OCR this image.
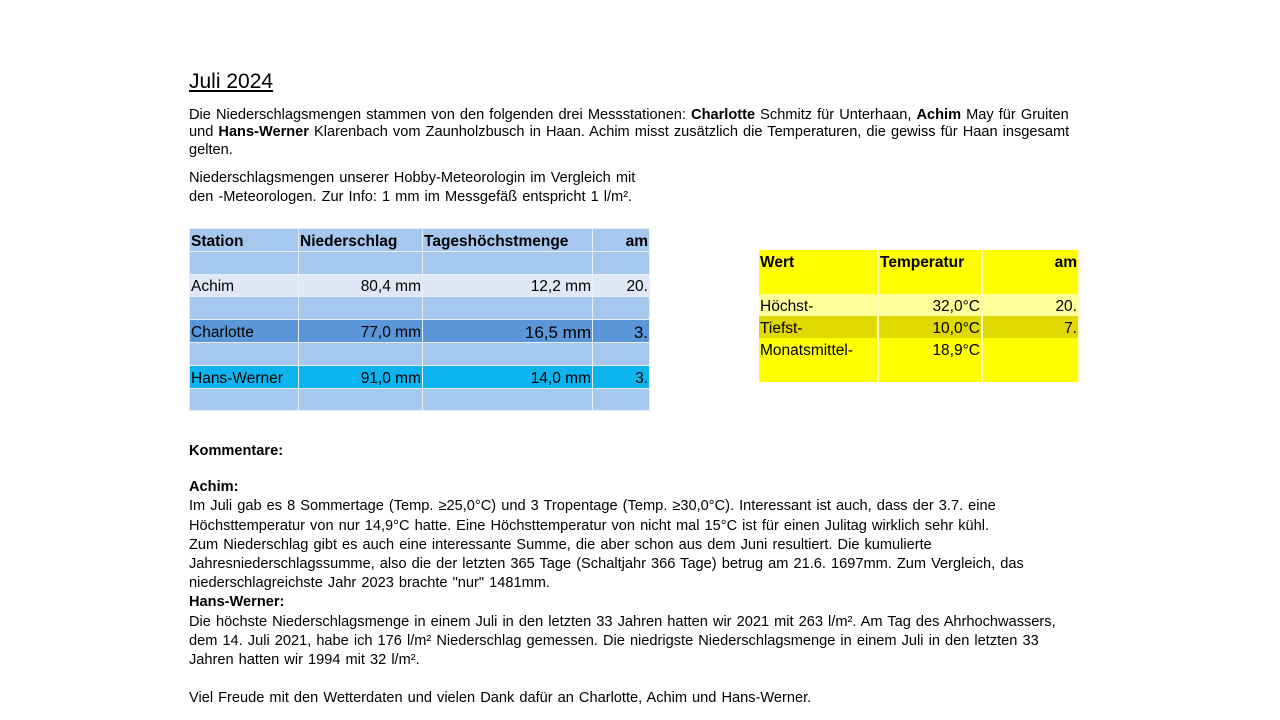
Juli 2024

Die Niederschlagsmengen stammen von den folgenden drei Messstationen: Charlotte Schmitz für Unterhaan, Achim May für Gruiten und Hans-Werner Klarenbach vom Zaunholzbusch in Haan. Achim misst zusätzlich die Temperaturen, die gewiss für Haan insgesamt gelten.

Niederschlagsmengen unserer Hobby-Meteorologin im Vergleich mit
den -Meteorologen. Zur Info: 1 mm im Messgefäß entspricht 1 l/m².

Station	Niederschlag	Tageshöchstmenge	am

Achim	80,4 mm	12,2 mm	20.

Charlotte	77,0 mm	16,5 mm	3.

Hans-Werner	91,0 mm	14,0 mm	3.

Wert	Temperatur	am

Höchst-	32,0°C	20.
Tiefst-	10,0°C	7.
Monatsmittel-	18,9°C	

Kommentare:

Achim:

Im Juli gab es 8 Sommertage (Temp. ≥25,0°C) und 3 Tropentage (Temp. ≥30,0°C). Interessant ist auch, dass der 3.7. eine

Höchsttemperatur von nur 14,9°C hatte. Eine Höchsttemperatur von nicht mal 15°C ist für einen Julitag wirklich sehr kühl.

Zum Niederschlag gibt es auch eine interessante Summe, die aber schon aus dem Juni resultiert. Die kumulierte

Jahresniederschlagssumme, also die der letzten 365 Tage (Schaltjahr 366 Tage) betrug am 21.6. 1697mm. Zum Vergleich, das

niederschlagreichste Jahr 2023 brachte "nur" 1481mm.

Hans-Werner:

Die höchste Niederschlagsmenge in einem Juli in den letzten 33 Jahren hatten wir 2021 mit 263 l/m². Am Tag des Ahrhochwassers,

dem 14. Juli 2021, habe ich 176 l/m² Niederschlag gemessen. Die niedrigste Niederschlagsmenge in einem Juli in den letzten 33

Jahren hatten wir 1994 mit 32 l/m².

Viel Freude mit den Wetterdaten und vielen Dank dafür an Charlotte, Achim und Hans-Werner.
